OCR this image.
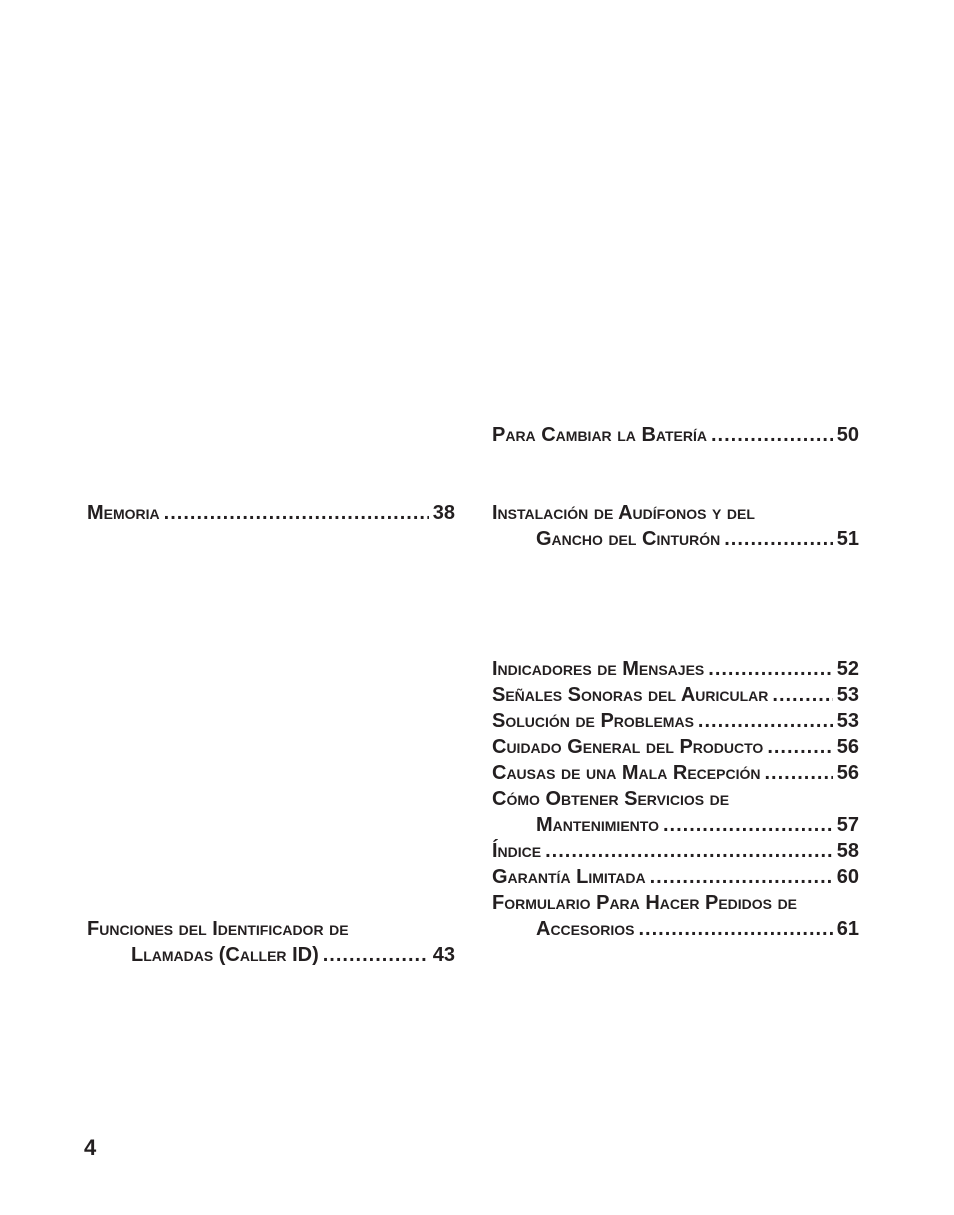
Memoria .....	38
Funciones del Identificador de
Llamadas (Caller ID) .....	43
Para Cambiar la Batería .....	50
Instalación de Audífonos y del
Gancho del Cinturón .....	51
Indicadores de Mensajes .....	52
Señales Sonoras del Auricular .....	53
Solución de Problemas .....	53
Cuidado General del Producto .....	56
Causas de una Mala Recepción .....	56
Cómo Obtener Servicios de
Mantenimiento .....	57
Índice .....	58
Garantía Limitada .....	60
Formulario Para Hacer Pedidos de
Accesorios .....	61
4
